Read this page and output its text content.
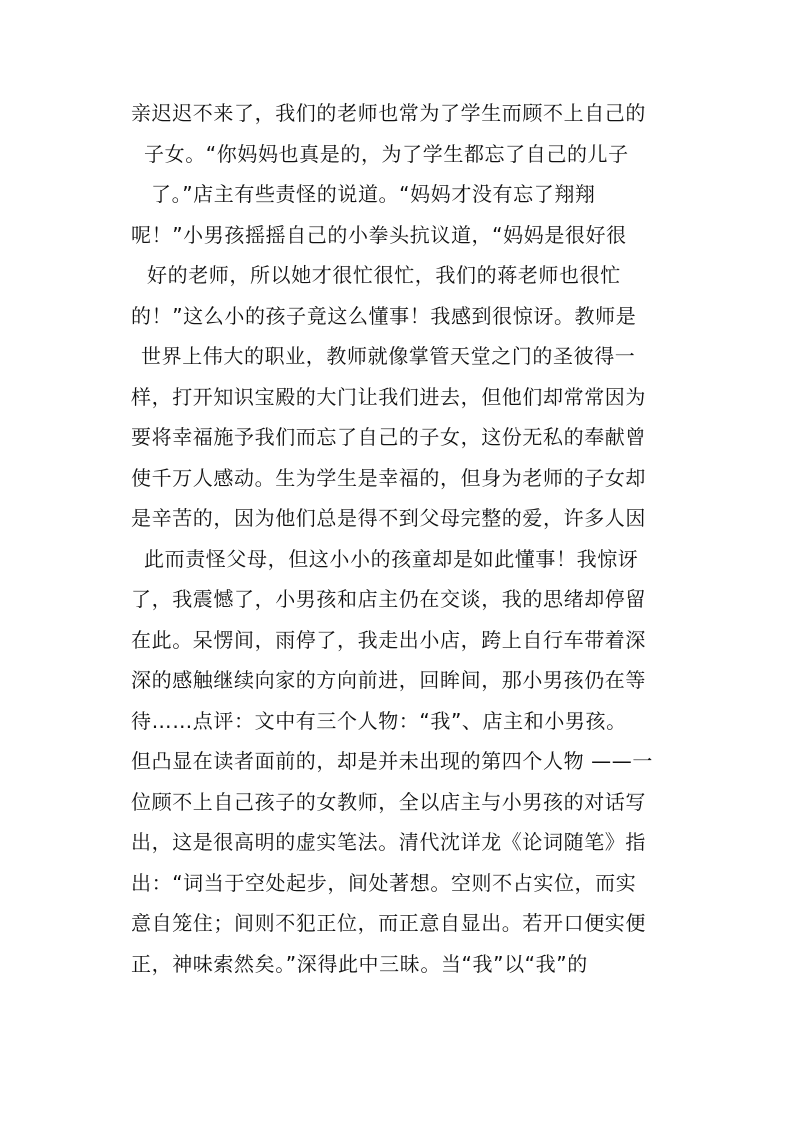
亲迟迟不来了，我们的老师也常为了学生而顾不上自己的
子女。“你妈妈也真是的，为了学生都忘了自己的儿子
了。”店主有些责怪的说道。“妈妈才没有忘了翔翔
呢！”小男孩摇摇自己的小拳头抗议道，“妈妈是很好很
好的老师，所以她才很忙很忙，我们的蒋老师也很忙
的！”这么小的孩子竟这么懂事！我感到很惊讶。教师是
世界上伟大的职业，教师就像掌管天堂之门的圣彼得一
样，打开知识宝殿的大门让我们进去，但他们却常常因为
要将幸福施予我们而忘了自己的子女，这份无私的奉献曾
使千万人感动。生为学生是幸福的，但身为老师的子女却
是辛苦的，因为他们总是得不到父母完整的爱，许多人因
此而责怪父母，但这小小的孩童却是如此懂事！我惊讶
了，我震憾了，小男孩和店主仍在交谈，我的思绪却停留
在此。呆愣间，雨停了，我走出小店，跨上自行车带着深
深的感触继续向家的方向前进，回眸间，那小男孩仍在等
待……点评：文中有三个人物：“我”、店主和小男孩。
但凸显在读者面前的，却是并未出现的第四个人物 ——一
位顾不上自己孩子的女教师，全以店主与小男孩的对话写
出，这是很高明的虚实笔法。清代沈详龙《论词随笔》指
出：“词当于空处起步，间处著想。空则不占实位，而实
意自笼住；间则不犯正位，而正意自显出。若开口便实便
正，神味索然矣。”深得此中三昧。当“我”以“我”的
